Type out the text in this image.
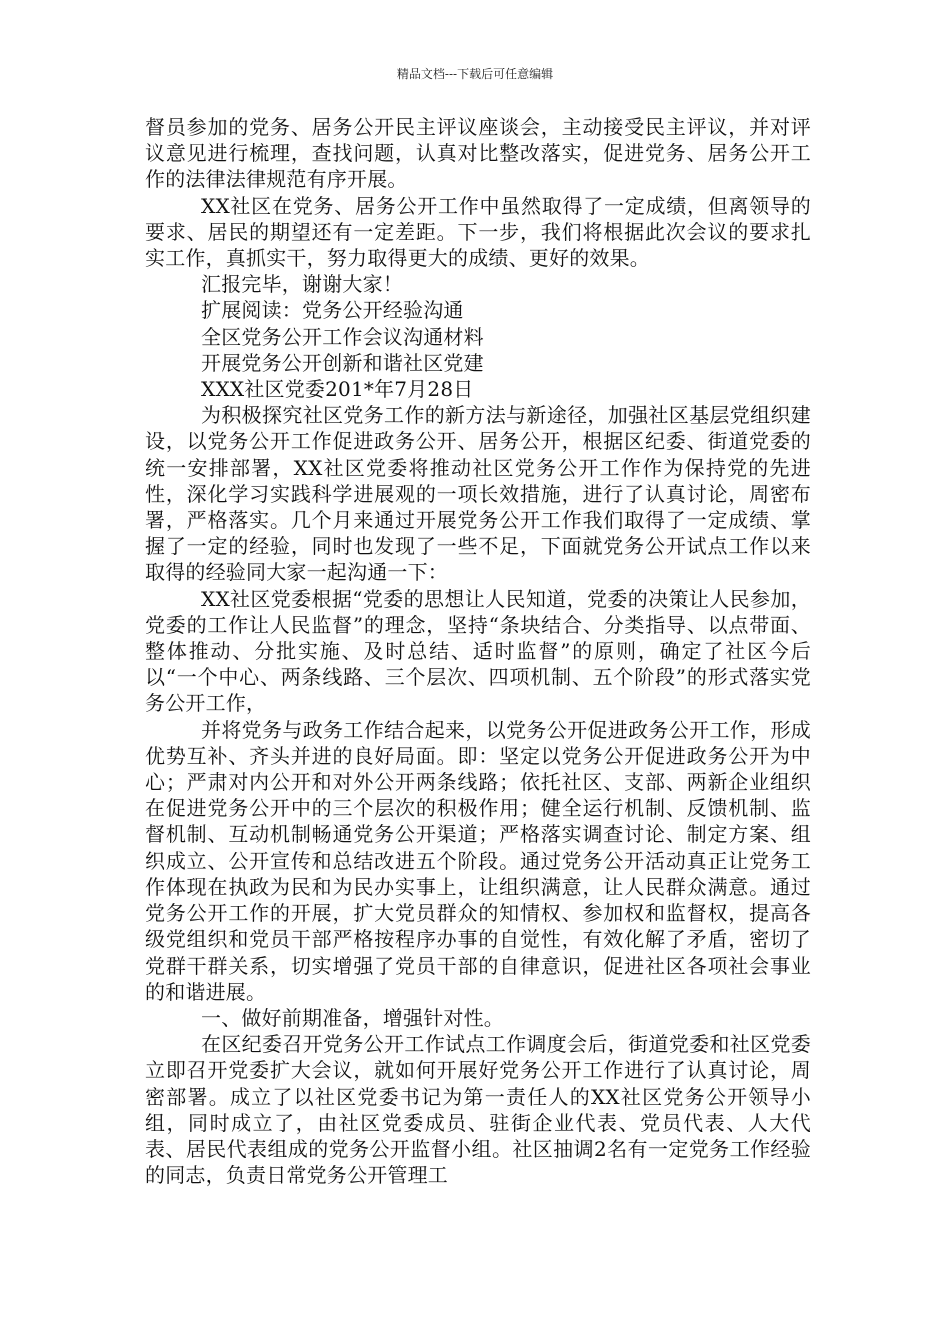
精品文档---下载后可任意编辑

督员参加的党务、居务公开民主评议座谈会，主动接受民主评议，并对评议意见进行梳理，查找问题，认真对比整改落实，促进党务、居务公开工作的法律法律规范有序开展。

XX社区在党务、居务公开工作中虽然取得了一定成绩，但离领导的要求、居民的期望还有一定差距。下一步，我们将根据此次会议的要求扎实工作，真抓实干，努力取得更大的成绩、更好的效果。

汇报完毕，谢谢大家！

扩展阅读：党务公开经验沟通

全区党务公开工作会议沟通材料

开展党务公开创新和谐社区党建

XXX社区党委201*年7月28日

为积极探究社区党务工作的新方法与新途径，加强社区基层党组织建设，以党务公开工作促进政务公开、居务公开，根据区纪委、街道党委的统一安排部署，XX社区党委将推动社区党务公开工作作为保持党的先进性，深化学习实践科学进展观的一项长效措施，进行了认真讨论，周密布署，严格落实。几个月来通过开展党务公开工作我们取得了一定成绩、掌握了一定的经验，同时也发现了一些不足，下面就党务公开试点工作以来取得的经验同大家一起沟通一下：

XX社区党委根据“党委的思想让人民知道，党委的决策让人民参加，党委的工作让人民监督”的理念，坚持“条块结合、分类指导、以点带面、整体推动、分批实施、及时总结、适时监督”的原则，确定了社区今后以“一个中心、两条线路、三个层次、四项机制、五个阶段”的形式落实党务公开工作，

并将党务与政务工作结合起来，以党务公开促进政务公开工作，形成优势互补、齐头并进的良好局面。即：坚定以党务公开促进政务公开为中心；严肃对内公开和对外公开两条线路；依托社区、支部、两新企业组织在促进党务公开中的三个层次的积极作用；健全运行机制、反馈机制、监督机制、互动机制畅通党务公开渠道；严格落实调查讨论、制定方案、组织成立、公开宣传和总结改进五个阶段。通过党务公开活动真正让党务工作体现在执政为民和为民办实事上，让组织满意，让人民群众满意。通过党务公开工作的开展，扩大党员群众的知情权、参加权和监督权，提高各级党组织和党员干部严格按程序办事的自觉性，有效化解了矛盾，密切了党群干群关系，切实增强了党员干部的自律意识，促进社区各项社会事业的和谐进展。

一、做好前期准备，增强针对性。

在区纪委召开党务公开工作试点工作调度会后，街道党委和社区党委立即召开党委扩大会议，就如何开展好党务公开工作进行了认真讨论，周密部署。成立了以社区党委书记为第一责任人的XX社区党务公开领导小组，同时成立了，由社区党委成员、驻街企业代表、党员代表、人大代表、居民代表组成的党务公开监督小组。社区抽调2名有一定党务工作经验的同志，负责日常党务公开管理工
